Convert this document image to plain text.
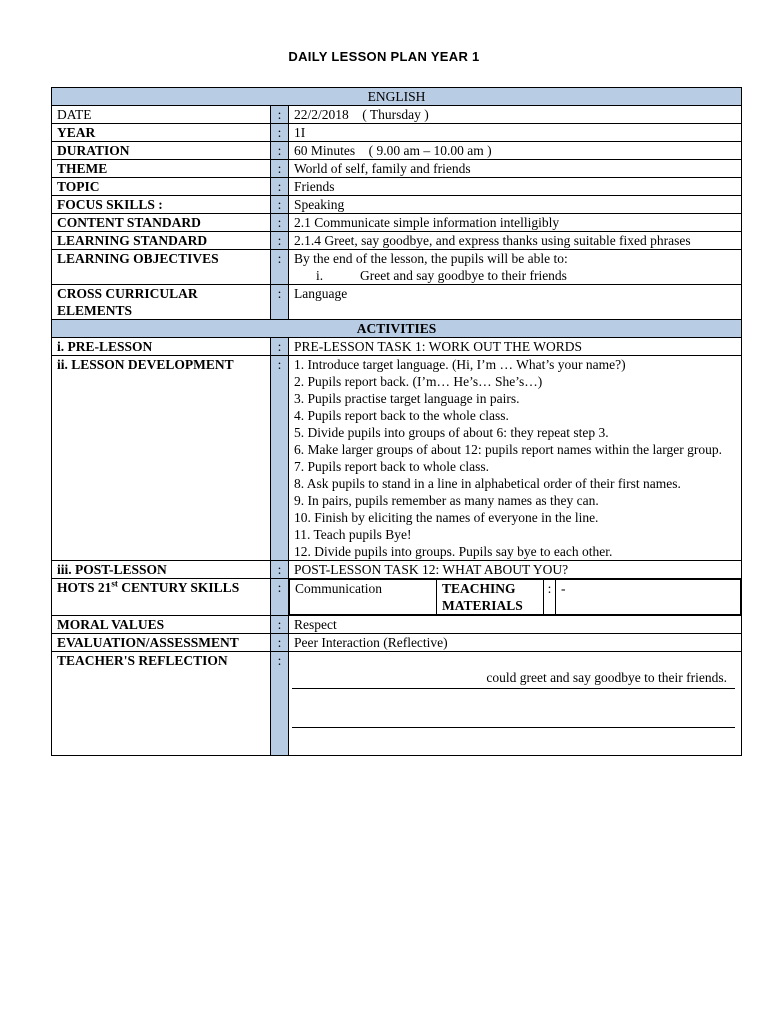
DAILY LESSON PLAN YEAR 1
ENGLISH
DATE	:	22/2/2018    ( Thursday )
YEAR	:	1I
DURATION	:	60 Minutes    ( 9.00 am – 10.00 am )
THEME	:	World of self, family and friends
TOPIC	:	Friends
FOCUS SKILLS :	:	Speaking
CONTENT STANDARD	:	2.1 Communicate simple information intelligibly
LEARNING STANDARD	:	2.1.4 Greet, say goodbye, and express thanks using suitable fixed phrases
LEARNING OBJECTIVES	:	By the end of the lesson, the pupils will be able to:
i.	Greet and say goodbye to their friends

CROSS CURRICULAR ELEMENTS	:	Language
ACTIVITIES
i. PRE-LESSON	:	PRE-LESSON TASK 1: WORK OUT THE WORDS
ii. LESSON DEVELOPMENT	:	1. Introduce target language. (Hi, I’m … What’s your name?)
2. Pupils report back. (I’m… He’s… She’s…)
3. Pupils practise target language in pairs.
4. Pupils report back to the whole class.
5. Divide pupils into groups of about 6: they repeat step 3.
6. Make larger groups of about 12: pupils report names within the larger group.
7. Pupils report back to whole class.
8. Ask pupils to stand in a line in alphabetical order of their first names.
9. In pairs, pupils remember as many names as they can.
10. Finish by eliciting the names of everyone in the line.
11. Teach pupils Bye!
12. Divide pupils into groups. Pupils say bye to each other.

iii. POST-LESSON	:	POST-LESSON TASK 12: WHAT ABOUT YOU?
HOTS 21st CENTURY SKILLS	:	Communication	TEACHING MATERIALS	:	-

MORAL VALUES	:	Respect
EVALUATION/ASSESSMENT	:	Peer Interaction (Reflective)
TEACHER'S REFLECTION	:	
could greet and say goodbye to their friends.
